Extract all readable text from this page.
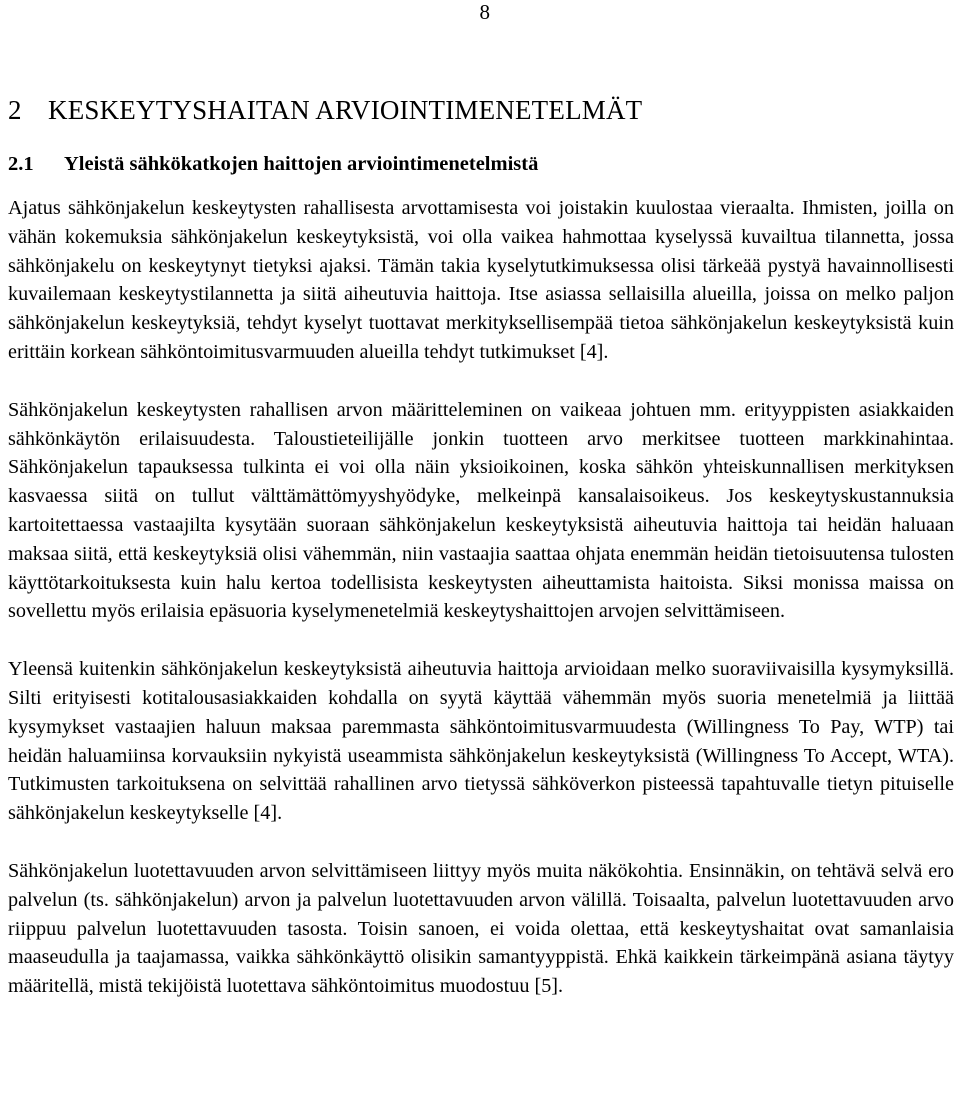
8
2 KESKEYTYSHAITAN ARVIOINTIMENETELMÄT
2.1 Yleistä sähkökatkojen haittojen arviointimenetelmistä

Ajatus sähkönjakelun keskeytysten rahallisesta arvottamisesta voi joistakin kuulostaa vieraalta. Ihmisten, joilla on vähän kokemuksia sähkönjakelun keskeytyksistä, voi olla vaikea hahmottaa kyselyssä kuvailtua tilannetta, jossa sähkönjakelu on keskeytynyt tietyksi ajaksi. Tämän takia kyselytutkimuksessa olisi tärkeää pystyä havainnollisesti kuvailemaan keskeytystilannetta ja siitä aiheutuvia haittoja. Itse asiassa sellaisilla alueilla, joissa on melko paljon sähkönjakelun keskeytyksiä, tehdyt kyselyt tuottavat merkityksellisempää tietoa sähkönjakelun keskeytyksistä kuin erittäin korkean sähköntoimitusvarmuuden alueilla tehdyt tutkimukset [4].

Sähkönjakelun keskeytysten rahallisen arvon määritteleminen on vaikeaa johtuen mm. erityyppisten asiakkaiden sähkönkäytön erilaisuudesta. Taloustieteilijälle jonkin tuotteen arvo merkitsee tuotteen markkinahintaa. Sähkönjakelun tapauksessa tulkinta ei voi olla näin yksioikoinen, koska sähkön yhteiskunnallisen merkityksen kasvaessa siitä on tullut välttämättömyyshyödyke, melkeinpä kansalaisoikeus. Jos keskeytyskustannuksia kartoitettaessa vastaajilta kysytään suoraan sähkönjakelun keskeytyksistä aiheutuvia haittoja tai heidän haluaan maksaa siitä, että keskeytyksiä olisi vähemmän, niin vastaajia saattaa ohjata enemmän heidän tietoisuutensa tulosten käyttötarkoituksesta kuin halu kertoa todellisista keskeytysten aiheuttamista haitoista. Siksi monissa maissa on sovellettu myös erilaisia epäsuoria kyselymenetelmiä keskeytyshaittojen arvojen selvittämiseen.

Yleensä kuitenkin sähkönjakelun keskeytyksistä aiheutuvia haittoja arvioidaan melko suoraviivaisilla kysymyksillä. Silti erityisesti kotitalousasiakkaiden kohdalla on syytä käyttää vähemmän myös suoria menetelmiä ja liittää kysymykset vastaajien haluun maksaa paremmasta sähköntoimitusvarmuudesta (Willingness To Pay, WTP) tai heidän haluamiinsa korvauksiin nykyistä useammista sähkönjakelun keskeytyksistä (Willingness To Accept, WTA). Tutkimusten tarkoituksena on selvittää rahallinen arvo tietyssä sähköverkon pisteessä tapahtuvalle tietyn pituiselle sähkönjakelun keskeytykselle [4].

Sähkönjakelun luotettavuuden arvon selvittämiseen liittyy myös muita näkökohtia. Ensinnäkin, on tehtävä selvä ero palvelun (ts. sähkönjakelun) arvon ja palvelun luotettavuuden arvon välillä. Toisaalta, palvelun luotettavuuden arvo riippuu palvelun luotettavuuden tasosta. Toisin sanoen, ei voida olettaa, että keskeytyshaitat ovat samanlaisia maaseudulla ja taajamassa, vaikka sähkönkäyttö olisikin samantyyppistä. Ehkä kaikkein tärkeimpänä asiana täytyy määritellä, mistä tekijöistä luotettava sähköntoimitus muodostuu [5].
